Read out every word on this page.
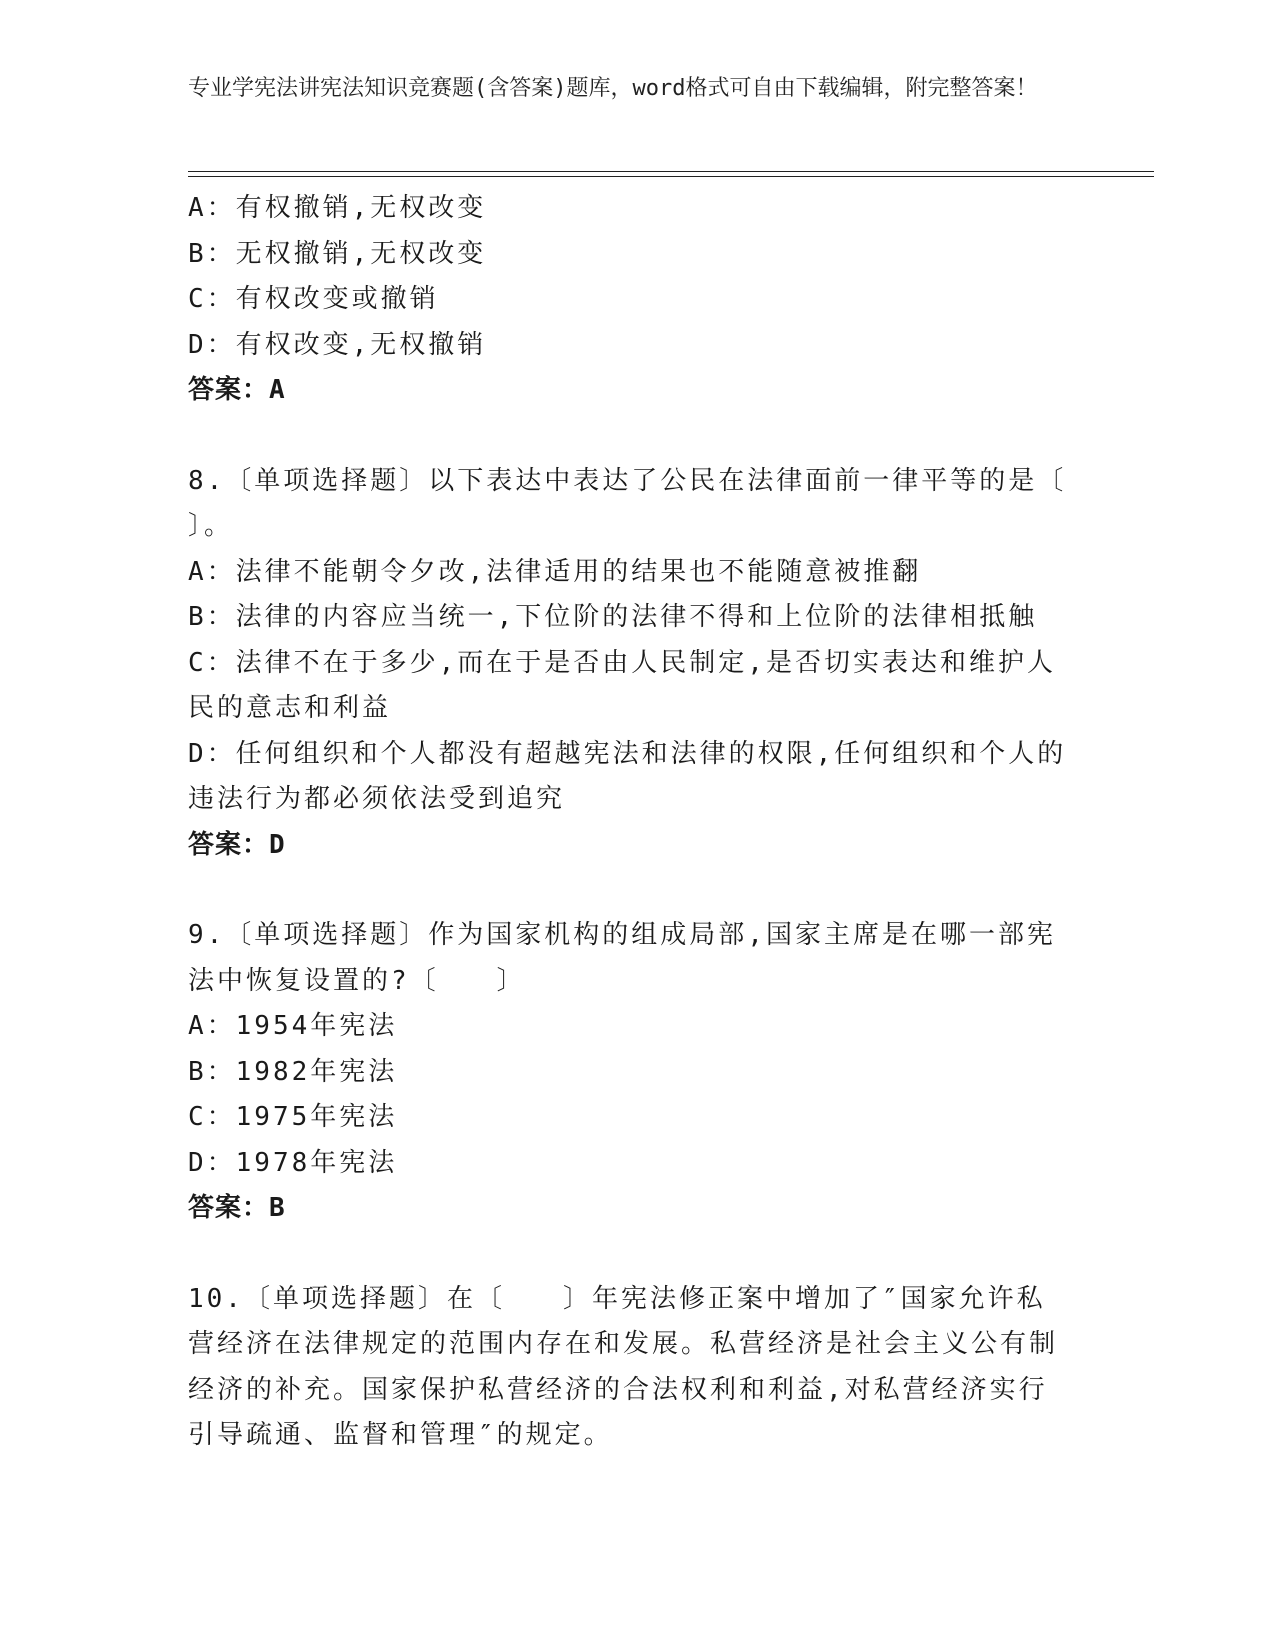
专业学宪法讲宪法知识竞赛题(含答案)题库，word格式可自由下载编辑，附完整答案！
A：有权撤销,无权改变
B：无权撤销,无权改变
C：有权改变或撤销
D：有权改变,无权撤销
答案：A
8.〔单项选择题〕以下表达中表达了公民在法律面前一律平等的是〔
〕。
A：法律不能朝令夕改,法律适用的结果也不能随意被推翻
B：法律的内容应当统一,下位阶的法律不得和上位阶的法律相抵触
C：法律不在于多少,而在于是否由人民制定,是否切实表达和维护人民的意志和利益
D：任何组织和个人都没有超越宪法和法律的权限,任何组织和个人的违法行为都必须依法受到追究
答案：D
9.〔单项选择题〕作为国家机构的组成局部,国家主席是在哪一部宪法中恢复设置的?〔　　〕
A：1954年宪法
B：1982年宪法
C：1975年宪法
D：1978年宪法
答案：B
10.〔单项选择题〕在〔　　〕年宪法修正案中增加了″国家允许私营经济在法律规定的范围内存在和发展。私营经济是社会主义公有制经济的补充。国家保护私营经济的合法权利和利益,对私营经济实行引导疏通、监督和管理″的规定。
